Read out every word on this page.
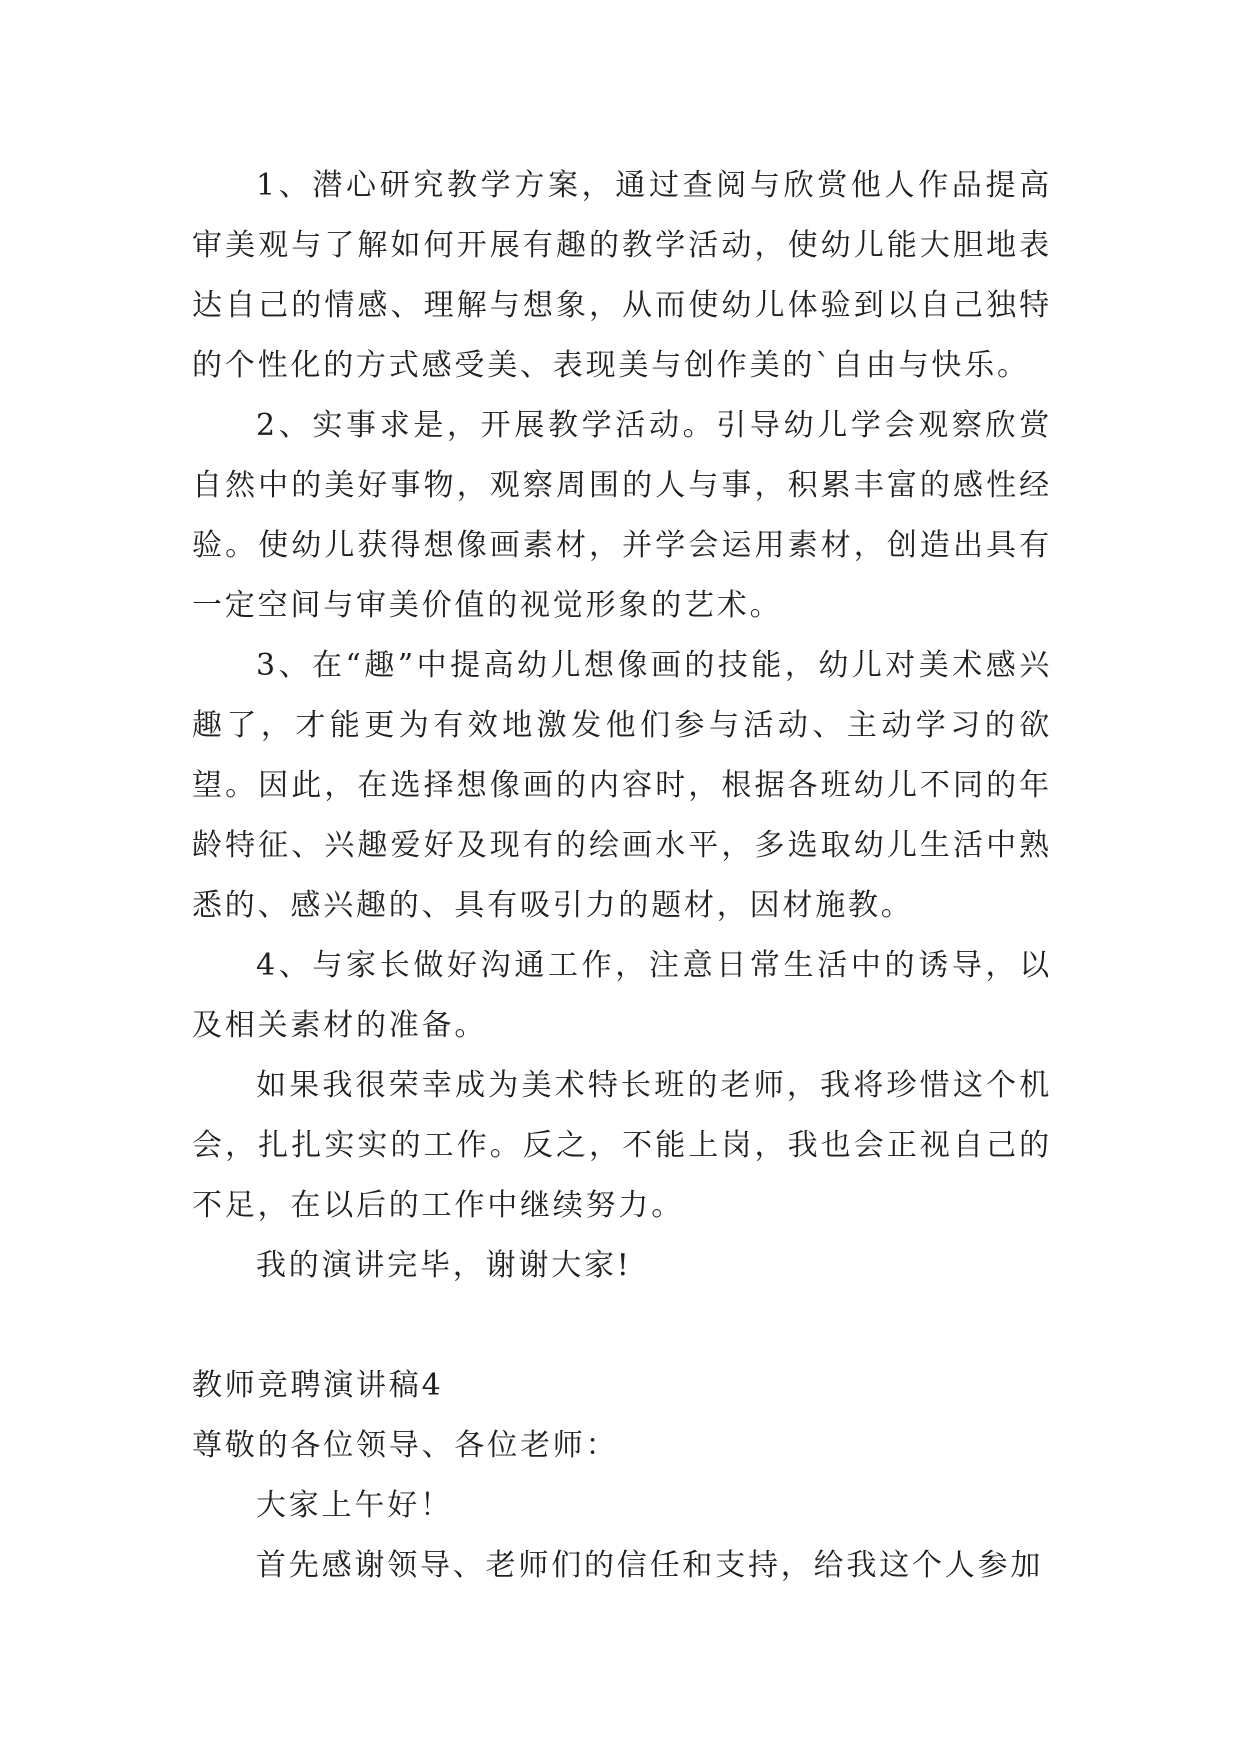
1、潜心研究教学方案，通过查阅与欣赏他人作品提高审美观与了解如何开展有趣的教学活动，使幼儿能大胆地表达自己的情感、理解与想象，从而使幼儿体验到以自己独特的个性化的方式感受美、表现美与创作美的`自由与快乐。

2、实事求是，开展教学活动。引导幼儿学会观察欣赏自然中的美好事物，观察周围的人与事，积累丰富的感性经验。使幼儿获得想像画素材，并学会运用素材，创造出具有一定空间与审美价值的视觉形象的艺术。

3、在“趣”中提高幼儿想像画的技能，幼儿对美术感兴趣了，才能更为有效地激发他们参与活动、主动学习的欲望。因此，在选择想像画的内容时，根据各班幼儿不同的年龄特征、兴趣爱好及现有的绘画水平，多选取幼儿生活中熟悉的、感兴趣的、具有吸引力的题材，因材施教。

4、与家长做好沟通工作，注意日常生活中的诱导，以及相关素材的准备。

如果我很荣幸成为美术特长班的老师，我将珍惜这个机会，扎扎实实的工作。反之，不能上岗，我也会正视自己的不足，在以后的工作中继续努力。

我的演讲完毕，谢谢大家!

教师竞聘演讲稿4

尊敬的各位领导、各位老师：

大家上午好！

首先感谢领导、老师们的信任和支持，给我这个人参加
